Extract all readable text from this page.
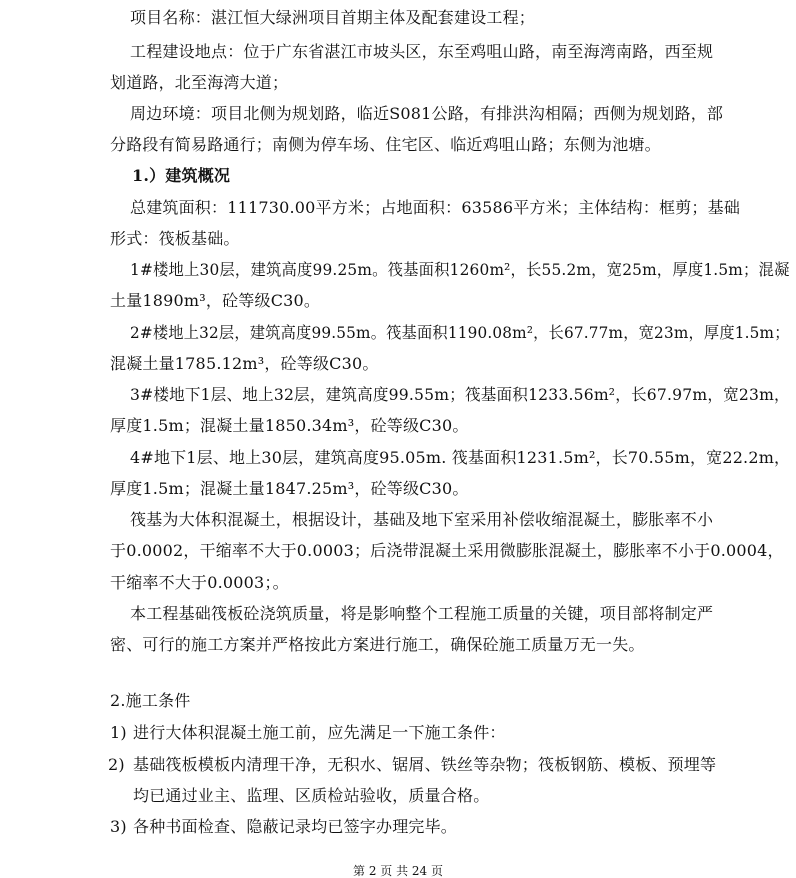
项目名称：湛江恒大绿洲项目首期主体及配套建设工程；
工程建设地点：位于广东省湛江市坡头区，东至鸡咀山路，南至海湾南路，西至规
划道路，北至海湾大道；
周边环境：项目北侧为规划路，临近S081公路，有排洪沟相隔；西侧为规划路，部
分路段有简易路通行；南侧为停车场、住宅区、临近鸡咀山路；东侧为池塘。
1.）建筑概况
总建筑面积：111730.00平方米；占地面积：63586平方米；主体结构：框剪；基础
形式：筏板基础。
1#楼地上30层，建筑高度99.25m。筏基面积1260m²，长55.2m，宽25m，厚度1.5m；混凝
土量1890m³，砼等级C30。
2#楼地上32层，建筑高度99.55m。筏基面积1190.08m²，长67.77m，宽23m，厚度1.5m；
混凝土量1785.12m³，砼等级C30。
3#楼地下1层、地上32层，建筑高度99.55m；筏基面积1233.56m²，长67.97m，宽23m，
厚度1.5m；混凝土量1850.34m³，砼等级C30。
4#地下1层、地上30层，建筑高度95.05m. 筏基面积1231.5m²，长70.55m，宽22.2m，
厚度1.5m；混凝土量1847.25m³，砼等级C30。
筏基为大体积混凝土，根据设计，基础及地下室采用补偿收缩混凝土，膨胀率不小
于0.0002，干缩率不大于0.0003；后浇带混凝土采用微膨胀混凝土，膨胀率不小于0.0004，
干缩率不大于0.0003；。
本工程基础筏板砼浇筑质量，将是影响整个工程施工质量的关键，项目部将制定严
密、可行的施工方案并严格按此方案进行施工，确保砼施工质量万无一失。
2.施工条件
1) 进行大体积混凝土施工前，应先满足一下施工条件：
2) 基础筏板模板内清理干净，无积水、锯屑、铁丝等杂物；筏板钢筋、模板、预埋等
均已通过业主、监理、区质检站验收，质量合格。
3) 各种书面检查、隐蔽记录均已签字办理完毕。
第 2 页 共 24 页
